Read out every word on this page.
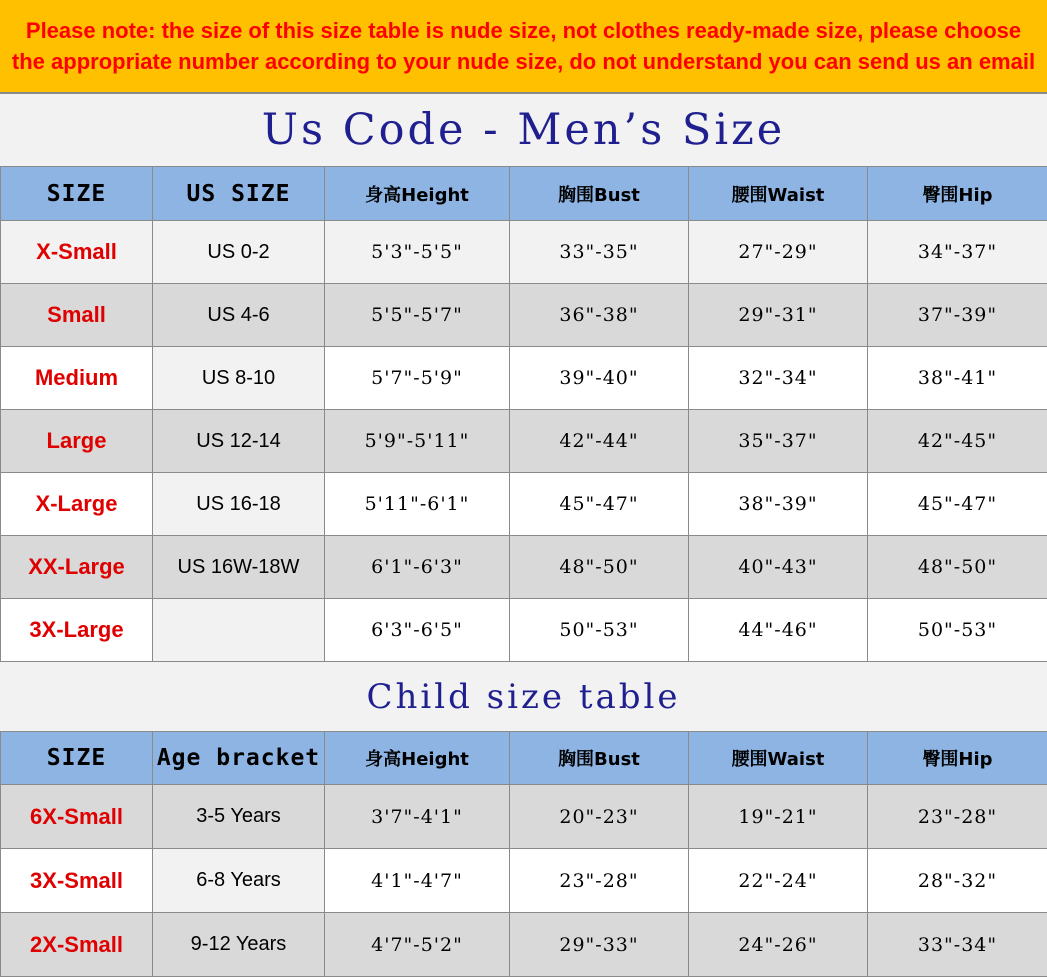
Please note: the size of this size table is nude size, not clothes ready-made size, please choose the appropriate number according to your nude size, do not understand you can send us an email
Us Code - Men’s Size
SIZE	US SIZE	身高Height	胸围Bust	腰围Waist	臀围Hip
X-Small	US 0-2	5'3"-5'5"	33"-35"	27"-29"	34"-37"
Small	US 4-6	5'5"-5'7"	36"-38"	29"-31"	37"-39"
Medium	US 8-10	5'7"-5'9"	39"-40"	32"-34"	38"-41"
Large	US 12-14	5'9"-5'11"	42"-44"	35"-37"	42"-45"
X-Large	US 16-18	5'11"-6'1"	45"-47"	38"-39"	45"-47"
XX-Large	US 16W-18W	6'1"-6'3"	48"-50"	40"-43"	48"-50"
3X-Large		6'3"-6'5"	50"-53"	44"-46"	50"-53"
Child size table
SIZE	Age bracket	身高Height	胸围Bust	腰围Waist	臀围Hip
6X-Small	3-5 Years	3'7"-4'1"	20"-23"	19"-21"	23"-28"
3X-Small	6-8 Years	4'1"-4'7"	23"-28"	22"-24"	28"-32"
2X-Small	9-12 Years	4'7"-5'2"	29"-33"	24"-26"	33"-34"
